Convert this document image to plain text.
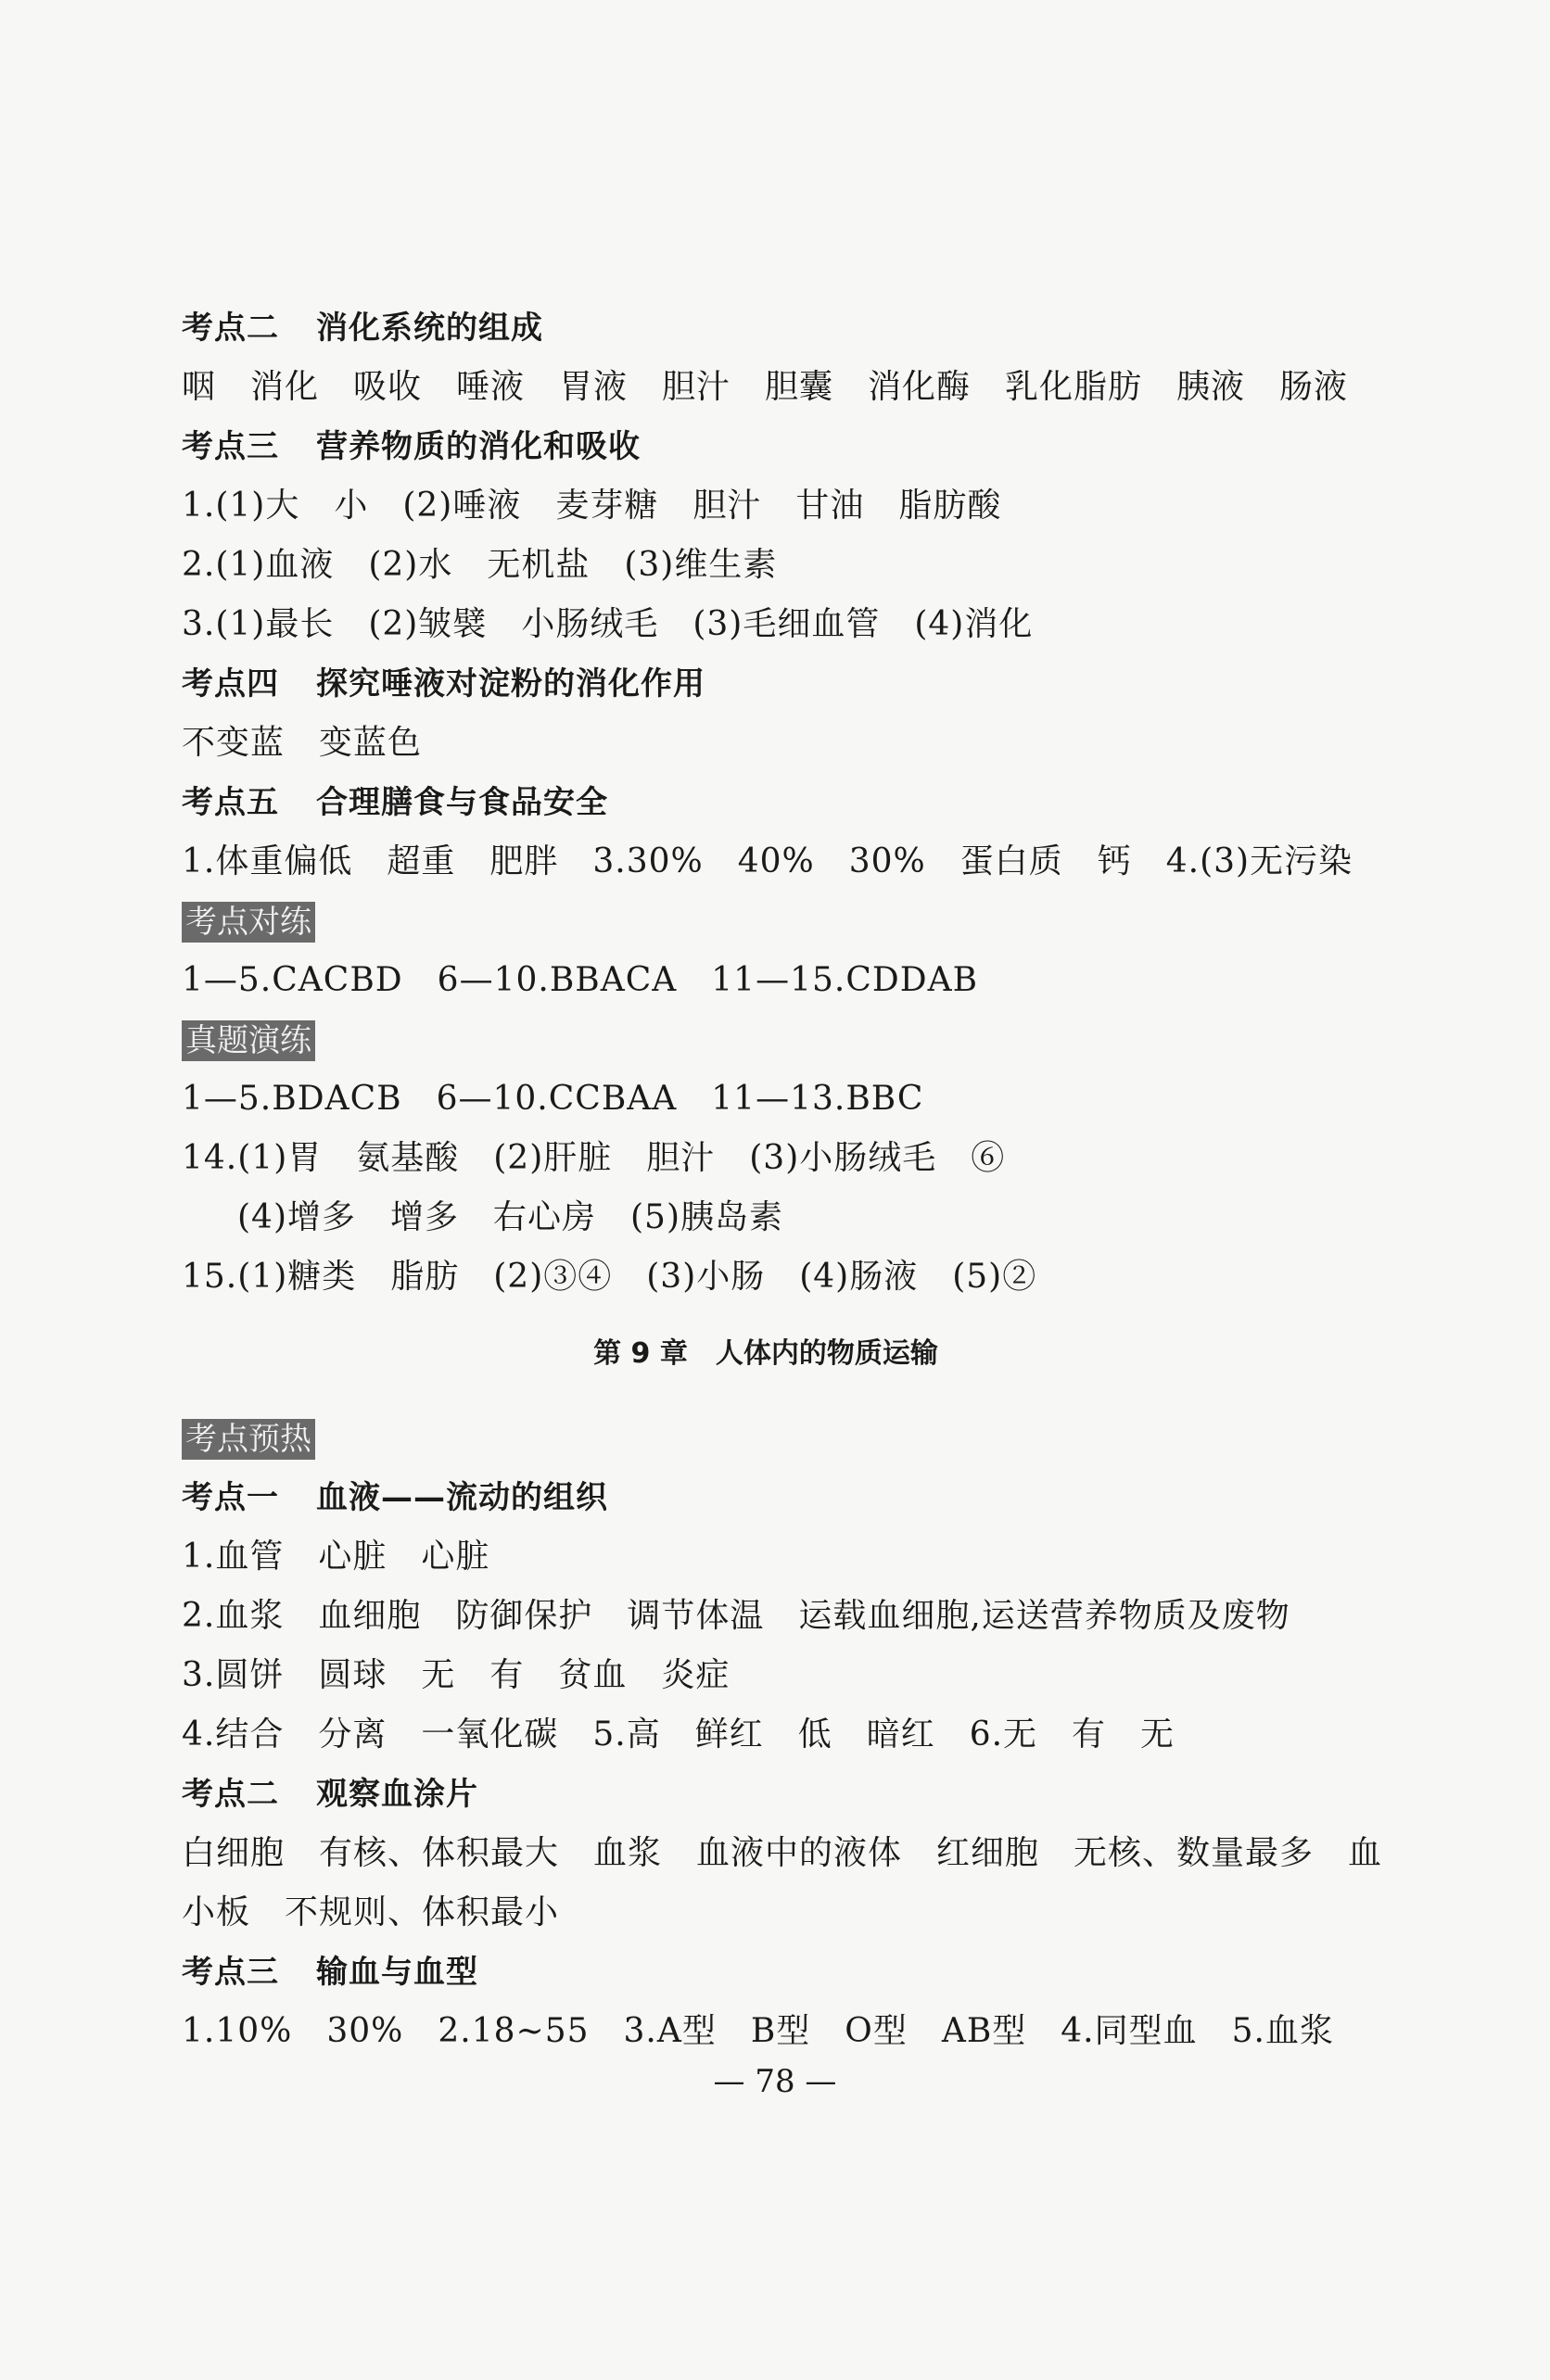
考点二 消化系统的组成
咽　消化　吸收　唾液　胃液　胆汁　胆囊　消化酶　乳化脂肪　胰液　肠液
考点三 营养物质的消化和吸收
1.(1)大　小　(2)唾液　麦芽糖　胆汁　甘油　脂肪酸
2.(1)血液　(2)水　无机盐　(3)维生素
3.(1)最长　(2)皱襞　小肠绒毛　(3)毛细血管　(4)消化
考点四 探究唾液对淀粉的消化作用
不变蓝　变蓝色
考点五 合理膳食与食品安全
1.体重偏低　超重　肥胖　3.30%　40%　30%　蛋白质　钙　4.(3)无污染
考点对练
1—5.CACBD　6—10.BBACA　11—15.CDDAB
真题演练
1—5.BDACB　6—10.CCBAA　11—13.BBC
14.(1)胃　氨基酸　(2)肝脏　胆汁　(3)小肠绒毛　⑥
(4)增多　增多　右心房　(5)胰岛素
15.(1)糖类　脂肪　(2)③④　(3)小肠　(4)肠液　(5)②
第 9 章 人体内的物质运输
考点预热
考点一 血液——流动的组织
1.血管　心脏　心脏
2.血浆　血细胞　防御保护　调节体温　运载血细胞,运送营养物质及废物
3.圆饼　圆球　无　有　贫血　炎症
4.结合　分离　一氧化碳　5.高　鲜红　低　暗红　6.无　有　无
考点二 观察血涂片
白细胞　有核、体积最大　血浆　血液中的液体　红细胞　无核、数量最多　血
小板　不规则、体积最小
考点三 输血与血型
1.10%　30%　2.18~55　3.A型　B型　O型　AB型　4.同型血　5.血浆
— 78 —
